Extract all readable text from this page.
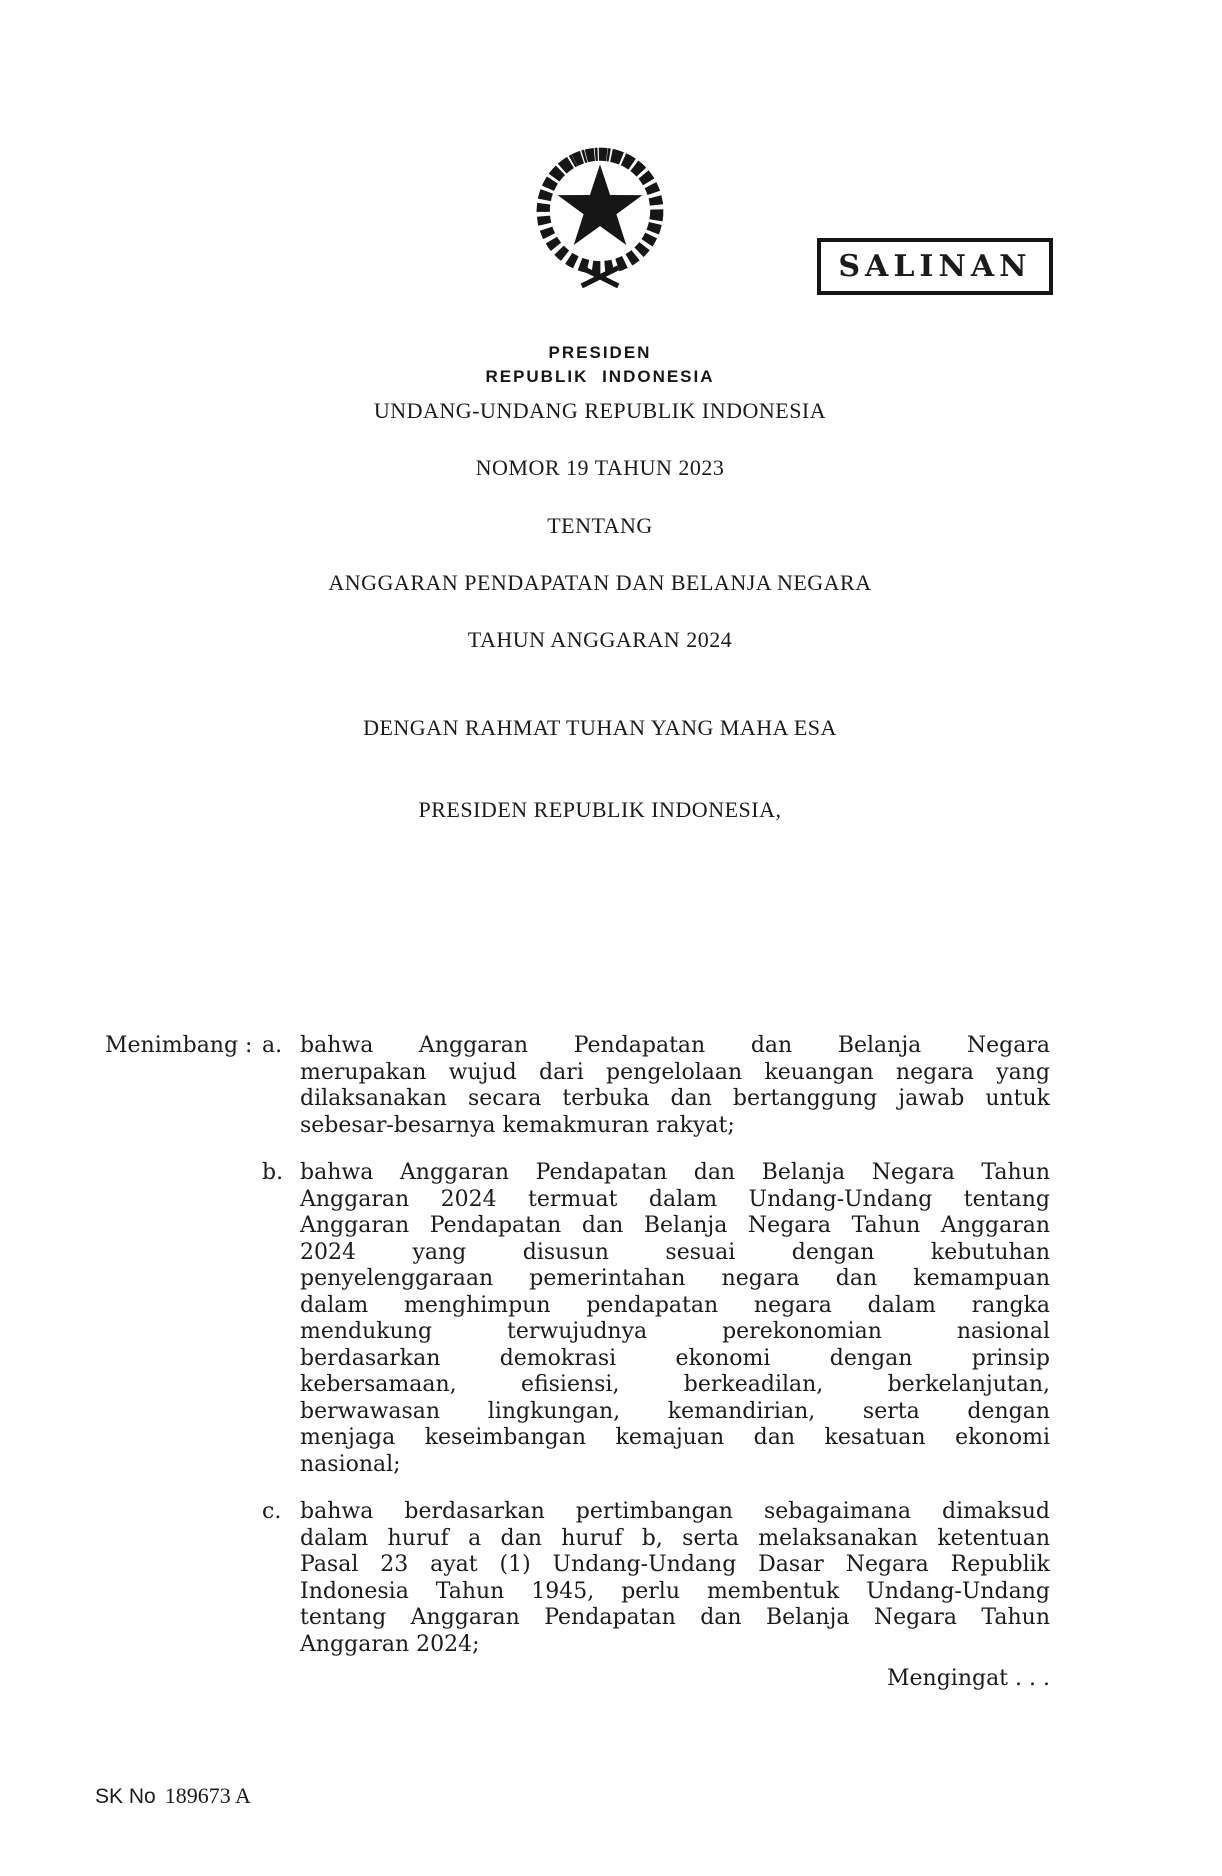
SALINAN
PRESIDEN
REPUBLIK INDONESIA
UNDANG-UNDANG REPUBLIK INDONESIA
NOMOR 19 TAHUN 2023
TENTANG
ANGGARAN PENDAPATAN DAN BELANJA NEGARA
TAHUN ANGGARAN 2024
DENGAN RAHMAT TUHAN YANG MAHA ESA
PRESIDEN REPUBLIK INDONESIA,
Menimbang : a. bahwa Anggaran Pendapatan dan Belanja Negara
merupakan wujud dari pengelolaan keuangan negara yang
dilaksanakan secara terbuka dan bertanggung jawab untuk
sebesar-besarnya kemakmuran rakyat;
b. bahwa Anggaran Pendapatan dan Belanja Negara Tahun
Anggaran 2024 termuat dalam Undang-Undang tentang
Anggaran Pendapatan dan Belanja Negara Tahun Anggaran
2024 yang disusun sesuai dengan kebutuhan
penyelenggaraan pemerintahan negara dan kemampuan
dalam menghimpun pendapatan negara dalam rangka
mendukung terwujudnya perekonomian nasional
berdasarkan demokrasi ekonomi dengan prinsip
kebersamaan, efisiensi, berkeadilan, berkelanjutan,
berwawasan lingkungan, kemandirian, serta dengan
menjaga keseimbangan kemajuan dan kesatuan ekonomi
nasional;
c. bahwa berdasarkan pertimbangan sebagaimana dimaksud
dalam huruf a dan huruf b, serta melaksanakan ketentuan
Pasal 23 ayat (1) Undang-Undang Dasar Negara Republik
Indonesia Tahun 1945, perlu membentuk Undang-Undang
tentang Anggaran Pendapatan dan Belanja Negara Tahun
Anggaran 2024;
Mengingat . . .
SK No 189673 A
